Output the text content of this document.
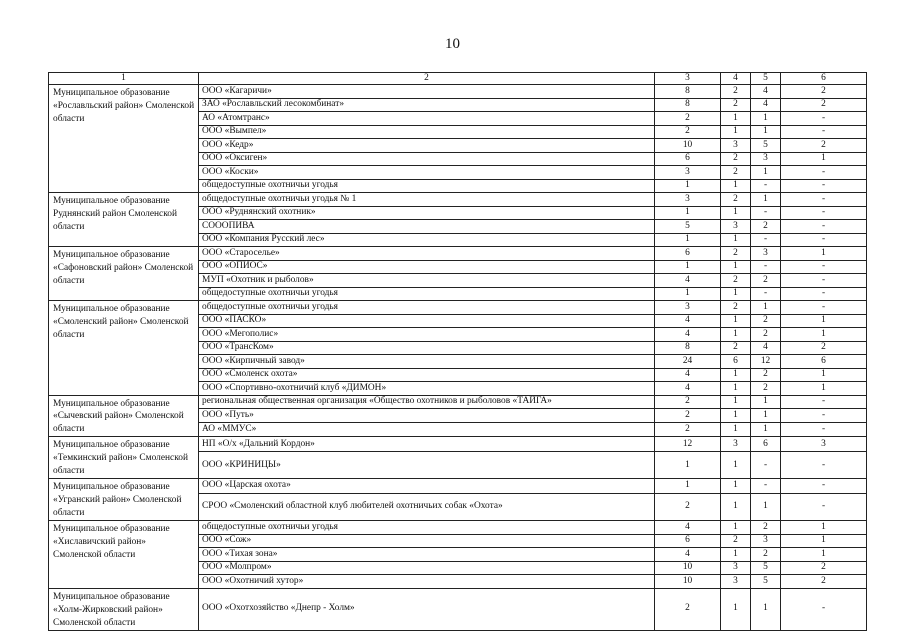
10
1	2	3	4	5	6
Муниципальное образование «Рославльский район» Смоленской области	ООО «Кагаричи»	8	2	4	2
	ЗАО «Рославльский лесокомбинат»	8	2	4	2
	АО «Атомтранс»	2	1	1	-
	ООО «Вымпел»	2	1	1	-
	ООО «Кедр»	10	3	5	2
	ООО «Оксиген»	6	2	3	1
	ООО «Коски»	3	2	1	-
	общедоступные охотничьи угодья	1	1	-	-
Муниципальное образование Руднянский район Смоленской области	общедоступные охотничьи угодья № 1	3	2	1	-
	ООО «Руднянский охотник»	1	1	-	-
	СОООПИВА	5	3	2	-
	ООО «Компания Русский лес»	1	1	-	-
Муниципальное образование «Сафоновский район» Смоленской области	ООО «Староселье»	6	2	3	1
	ООО «ОПИОС»	1	1	-	-
	МУП «Охотник и рыболов»	4	2	2	-
	общедоступные охотничьи угодья	1	1	-	-
Муниципальное образование «Смоленский район» Смоленской области	общедоступные охотничьи угодья	3	2	1	-
	ООО «ПАСКО»	4	1	2	1
	ООО «Мегополис»	4	1	2	1
	ООО «ТрансКом»	8	2	4	2
	ООО «Кирпичный завод»	24	6	12	6
	ООО «Смоленск охота»	4	1	2	1
	ООО «Спортивно-охотничий клуб «ДИМОН»	4	1	2	1
Муниципальное образование «Сычевский район» Смоленской области	региональная общественная организация «Общество охотников и рыболовов «ТАЙГА»	2	1	1	-
	ООО «Путь»	2	1	1	-
	АО «ММУС»	2	1	1	-
Муниципальное образование «Темкинский район» Смоленской области	НП «О/х «Дальний Кордон»	12	3	6	3
	ООО «КРИНИЦЫ»	1	1	-	-
Муниципальное образование «Угранский район» Смоленской области	ООО «Царская охота»	1	1	-	-
	СРОО «Смоленский областной клуб любителей охотничьих собак «Охота»	2	1	1	-
Муниципальное образование «Хиславичский район» Смоленской области	общедоступные охотничьи угодья	4	1	2	1
	ООО «Сож»	6	2	3	1
	ООО «Тихая зона»	4	1	2	1
	ООО «Молпром»	10	3	5	2
	ООО «Охотничий хутор»	10	3	5	2
Муниципальное образование «Холм-Жирковский район» Смоленской области	ООО «Охотхозяйство «Днепр - Холм»	2	1	1	-
